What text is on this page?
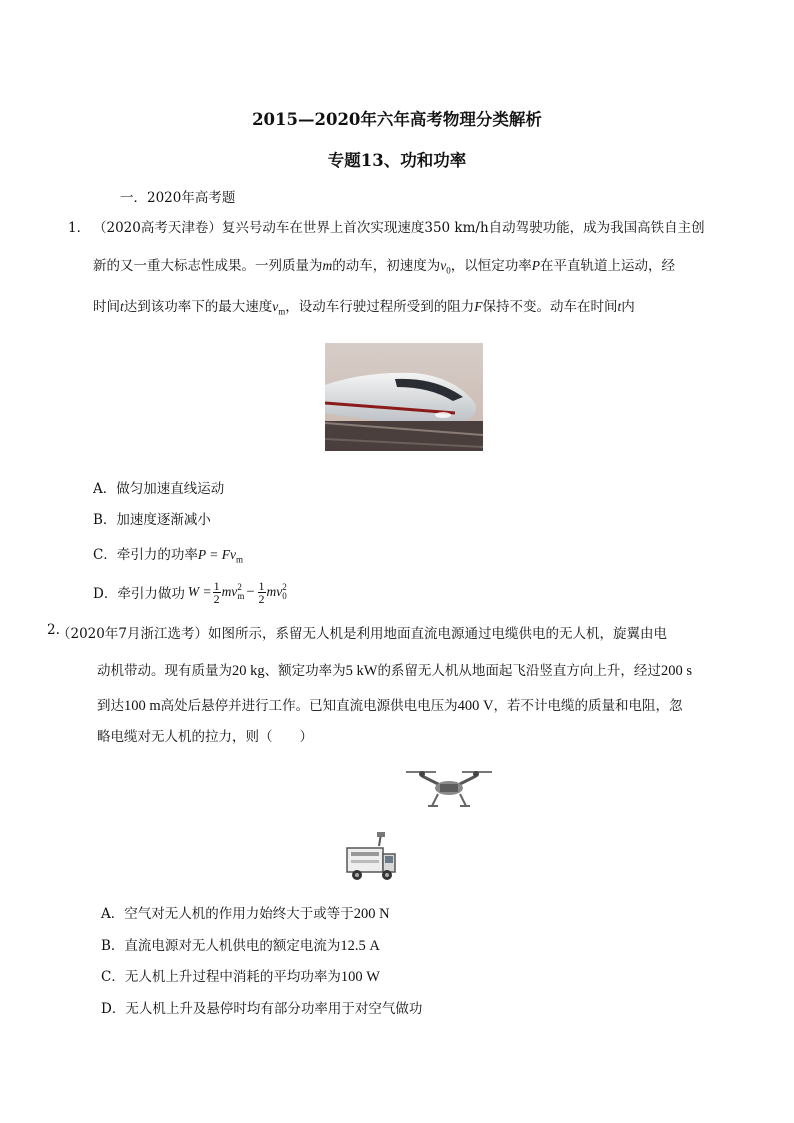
2015—2020年六年高考物理分类解析
专题13、功和功率
一．2020年高考题
1． （2020高考天津卷）复兴号动车在世界上首次实现速度350 km/h自动驾驶功能，成为我国高铁自主创
新的又一重大标志性成果。一列质量为m的动车，初速度为$v_0$，以恒定功率P在平直轨道上运动，经
时间t达到该功率下的最大速度$v_m$，设动车行驶过程所受到的阻力F保持不变。动车在时间t内
A．做匀加速直线运动
B．加速度逐渐减小
C．牵引力的功率$P = Fv_m$
D．牵引力做功 $W = \frac{1}{2}$ mv 2
$m - \frac{1}{2}$ mv 2
0
2.
（2020年7月浙江选考）如图所示，系留无人机是利用地面直流电源通过电缆供电的无人机，旋翼由电
动机带动。现有质量为20 kg、额定功率为5 kW的系留无人机从地面起飞沿竖直方向上升，经过200 s
到达100 m高处后悬停并进行工作。已知直流电源供电电压为400 V，若不计电缆的质量和电阻，忽
略电缆对无人机的拉力，则（　　）
A．空气对无人机的作用力始终大于或等于200 N
B．直流电源对无人机供电的额定电流为12.5 A
C．无人机上升过程中消耗的平均功率为100 W
D．无人机上升及悬停时均有部分功率用于对空气做功
